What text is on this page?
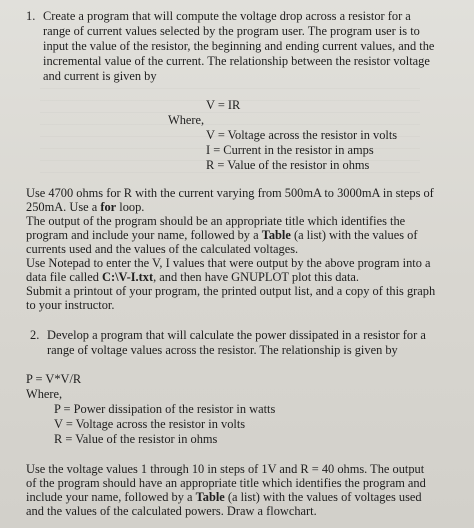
1. Create a program that will compute the voltage drop across a resistor for a

range of current values selected by the program user. The program user is to

input the value of the resistor, the beginning and ending current values, and the

incremental value of the current. The relationship between the resistor voltage

and current is given by

V = IR
Where,
V = Voltage across the resistor in volts
I = Current in the resistor in amps
R = Value of the resistor in ohms

Use 4700 ohms for R with the current varying from 500mA to 3000mA in steps of

250mA. Use a for loop.

The output of the program should be an appropriate title which identifies the

program and include your name, followed by a Table (a list) with the values of

currents used and the values of the calculated voltages.

Use Notepad to enter the V, I values that were output by the above program into a

data file called C:\V-I.txt, and then have GNUPLOT plot this data.

Submit a printout of your program, the printed output list, and a copy of this graph

to your instructor.

2. Develop a program that will calculate the power dissipated in a resistor for a

range of voltage values across the resistor. The relationship is given by

P = V*V/R
Where,
P = Power dissipation of the resistor in watts
V = Voltage across the resistor in volts
R = Value of the resistor in ohms

Use the voltage values 1 through 10 in steps of 1V and R = 40 ohms. The output

of the program should have an appropriate title which identifies the program and

include your name, followed by a Table (a list) with the values of voltages used

and the values of the calculated powers. Draw a flowchart.
